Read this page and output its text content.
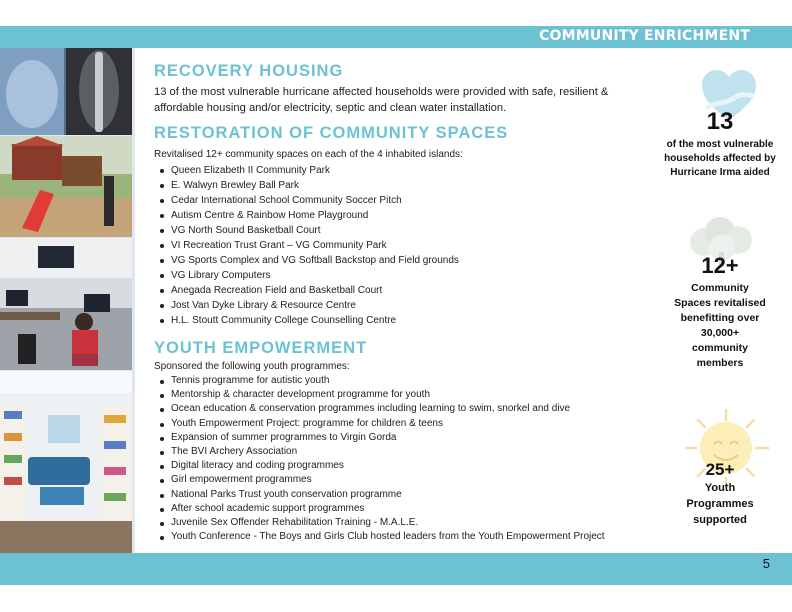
COMMUNITY ENRICHMENT
RECOVERY HOUSING
13 of the most vulnerable hurricane affected households were provided with safe, resilient & affordable housing and/or electricity, septic and clean water installation.
RESTORATION OF COMMUNITY SPACES
Revitalised 12+ community spaces on each of the 4 inhabited islands:
Queen Elizabeth II Community Park
E. Walwyn Brewley Ball Park
Cedar International School Community Soccer Pitch
Autism Centre & Rainbow Home Playground
VG North Sound Basketball Court
VI Recreation Trust Grant – VG Community Park
VG Sports Complex and VG Softball Backstop and Field grounds
VG Library Computers
Anegada Recreation Field and Basketball Court
Jost Van Dyke Library & Resource Centre
H.L. Stoutt Community College Counselling Centre
YOUTH EMPOWERMENT
Sponsored the following youth programmes:
Tennis programme for autistic youth
Mentorship & character development programme for youth
Ocean education & conservation programmes including learning to swim, snorkel and dive
Youth Empowerment Project: programme for children & teens
Expansion of summer programmes to Virgin Gorda
The BVI Archery Association
Digital literacy and coding programmes
Girl empowerment programmes
National Parks Trust youth conservation programme
After school academic support programmes
Juvenile Sex Offender Rehabilitation Training - M.A.L.E.
Youth Conference - The Boys and Girls Club hosted leaders from the Youth Empowerment Project
13
of the most vulnerable
households affected by
Hurricane Irma aided
12+
Community
Spaces revitalised
benefitting over
30,000+
community
members
25+
Youth
Programmes
supported
5
